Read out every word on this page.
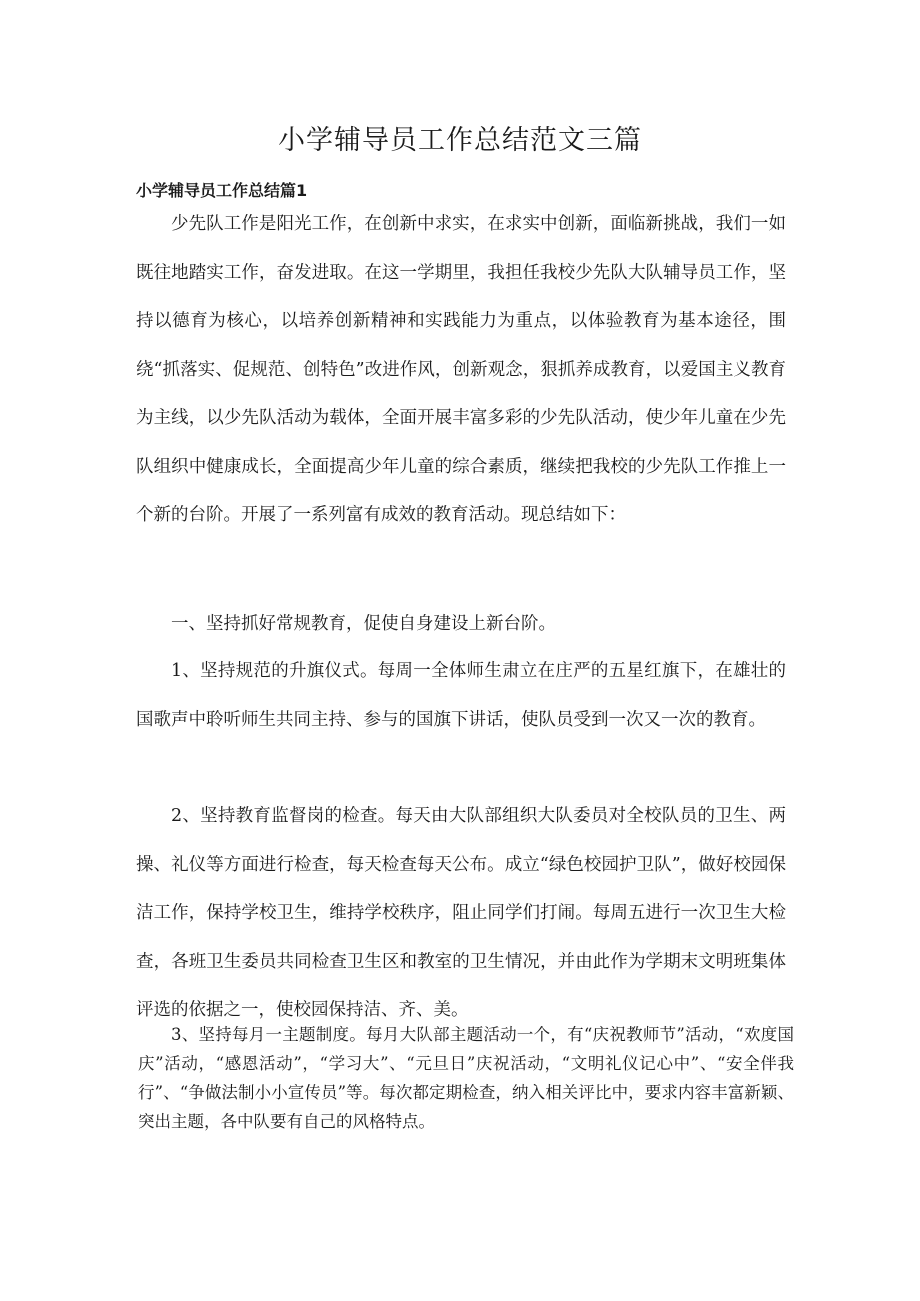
小学辅导员工作总结范文三篇
小学辅导员工作总结篇1

少先队工作是阳光工作，在创新中求实，在求实中创新，面临新挑战，我们一如既往地踏实工作，奋发进取。在这一学期里，我担任我校少先队大队辅导员工作，坚持以德育为核心，以培养创新精神和实践能力为重点，以体验教育为基本途径，围绕“抓落实、促规范、创特色”改进作风，创新观念，狠抓养成教育，以爱国主义教育为主线，以少先队活动为载体，全面开展丰富多彩的少先队活动，使少年儿童在少先队组织中健康成长，全面提高少年儿童的综合素质，继续把我校的少先队工作推上一个新的台阶。开展了一系列富有成效的教育活动。现总结如下：

一、坚持抓好常规教育，促使自身建设上新台阶。

1、坚持规范的升旗仪式。每周一全体师生肃立在庄严的五星红旗下，在雄壮的国歌声中聆听师生共同主持、参与的国旗下讲话，使队员受到一次又一次的教育。

2、坚持教育监督岗的检查。每天由大队部组织大队委员对全校队员的卫生、两操、礼仪等方面进行检查，每天检查每天公布。成立“绿色校园护卫队”，做好校园保洁工作，保持学校卫生，维持学校秩序，阻止同学们打闹。每周五进行一次卫生大检查，各班卫生委员共同检查卫生区和教室的卫生情况，并由此作为学期末文明班集体评选的依据之一，使校园保持洁、齐、美。

3、坚持每月一主题制度。每月大队部主题活动一个，有“庆祝教师节”活动，“欢度国庆”活动，“感恩活动”，“学习大”、“元旦日”庆祝活动，“文明礼仪记心中”、“安全伴我行”、“争做法制小小宣传员”等。每次都定期检查，纳入相关评比中，要求内容丰富新颖、突出主题，各中队要有自己的风格特点。
